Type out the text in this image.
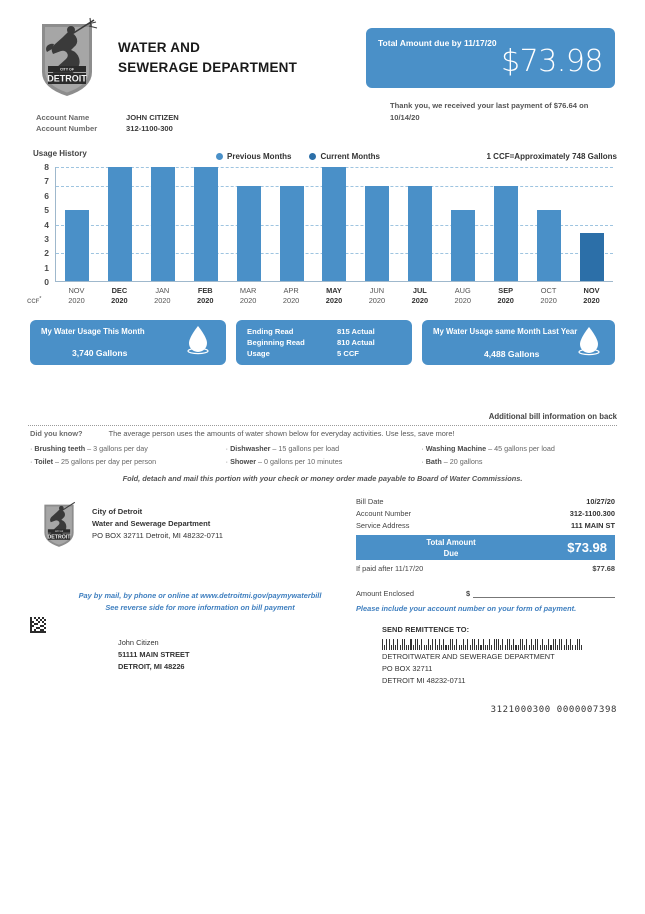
CITY OF
DETROIT
WATER AND
SEWERAGE DEPARTMENT
Total Amount due by 11/17/20
$73.98
Thank you, we received your last payment of $76.64 on 10/14/20
Account Name	JOHN CITIZEN
Account Number	312-1100-300
Usage History	Previous Months	Current Months	1 CCF=Approximately 748 Gallons
8
7
6
5
4
3
2
1
0
CCF*
NOV
2020
DEC
2020
JAN
2020
FEB
2020
MAR
2020
APR
2020
MAY
2020
JUN
2020
JUL
2020
AUG
2020
SEP
2020
OCT
2020
NOV
2020
My Water Usage This Month
3,740 Gallons
Ending Read	815 Actual
Beginning Read	810 Actual
Usage	5 CCF
My Water Usage same Month Last Year
4,488 Gallons
Additional bill information on back
Did you know?	The average person uses the amounts of water shown below for everyday activities. Use less, save more!
· Brushing teeth – 3 gallons per day
· Toilet – 25 gallons per day per person
· Dishwasher – 15 gallons per load
· Shower – 0 gallons per 10 minutes
· Washing Machine – 45 gallons per load
· Bath – 20 gallons
Fold, detach and mail this portion with your check or money order made payable to Board of Water Commissions.
CITY OF
DETROIT
City of Detroit
Water and Sewerage Department
PO BOX 32711 Detroit, MI 48232-0711
Bill Date	10/27/20
Account Number	312-1100.300
Service Address	111 MAIN ST
Total Amount
Due	$73.98
If paid after 11/17/20	$77.68
Amount Enclosed	$
Pay by mail, by phone or online at www.detroitmi.gov/paymywaterbill
See reverse side for more information on bill payment	Please include your account number on your form of payment.
John Citizen
51111 MAIN STREET
DETROIT, MI 48226
SEND REMITTENCE TO:
DETROITWATER AND SEWERAGE DEPARTMENT
PO BOX 32711
DETROIT MI 48232-0711
3121000300 0000007398
